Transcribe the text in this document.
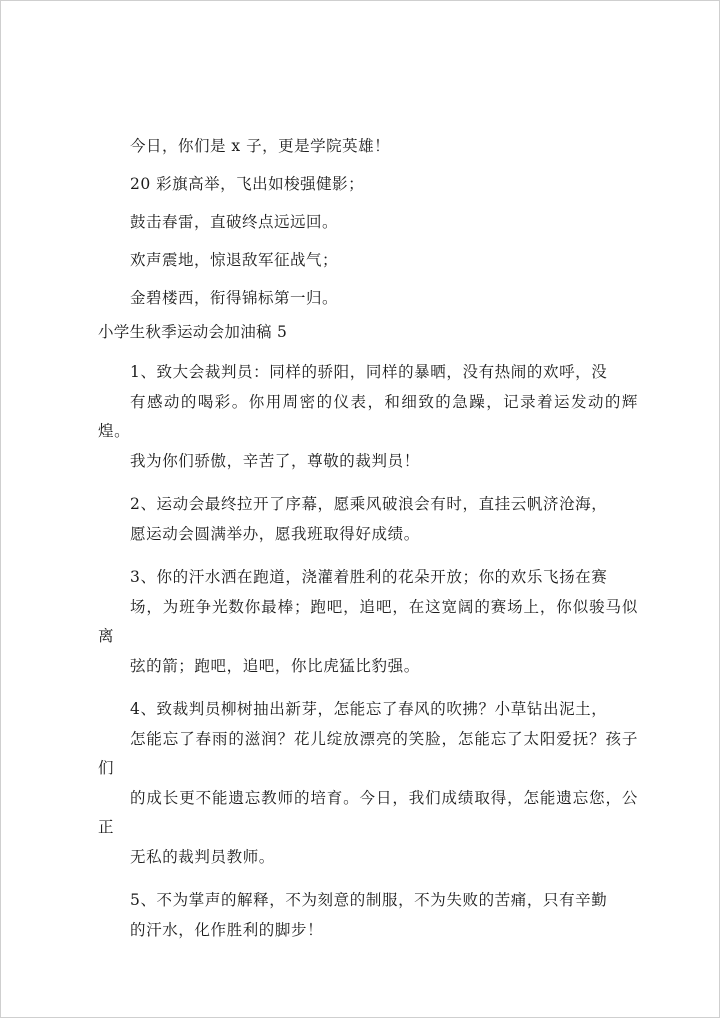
今日，你们是 x 子，更是学院英雄！

20 彩旗高举，飞出如梭强健影；

鼓击春雷，直破终点远远回。

欢声震地，惊退敌军征战气；

金碧楼西，衔得锦标第一归。

小学生秋季运动会加油稿 5

1、致大会裁判员：同样的骄阳，同样的暴晒，没有热闹的欢呼，没
有感动的喝彩。你用周密的仪表，和细致的急躁，记录着运发动的辉煌。
我为你们骄傲，辛苦了，尊敬的裁判员！

2、运动会最终拉开了序幕，愿乘风破浪会有时，直挂云帆济沧海，
愿运动会圆满举办，愿我班取得好成绩。

3、你的汗水洒在跑道，浇灌着胜利的花朵开放；你的欢乐飞扬在赛
场，为班争光数你最棒；跑吧，追吧，在这宽阔的赛场上，你似骏马似离
弦的箭；跑吧，追吧，你比虎猛比豹强。

4、致裁判员柳树抽出新芽，怎能忘了春风的吹拂？小草钻出泥土，
怎能忘了春雨的滋润？花儿绽放漂亮的笑脸，怎能忘了太阳爱抚？孩子们
的成长更不能遗忘教师的培育。今日，我们成绩取得，怎能遗忘您，公正
无私的裁判员教师。

5、不为掌声的解释，不为刻意的制服，不为失败的苦痛，只有辛勤
的汗水，化作胜利的脚步！
